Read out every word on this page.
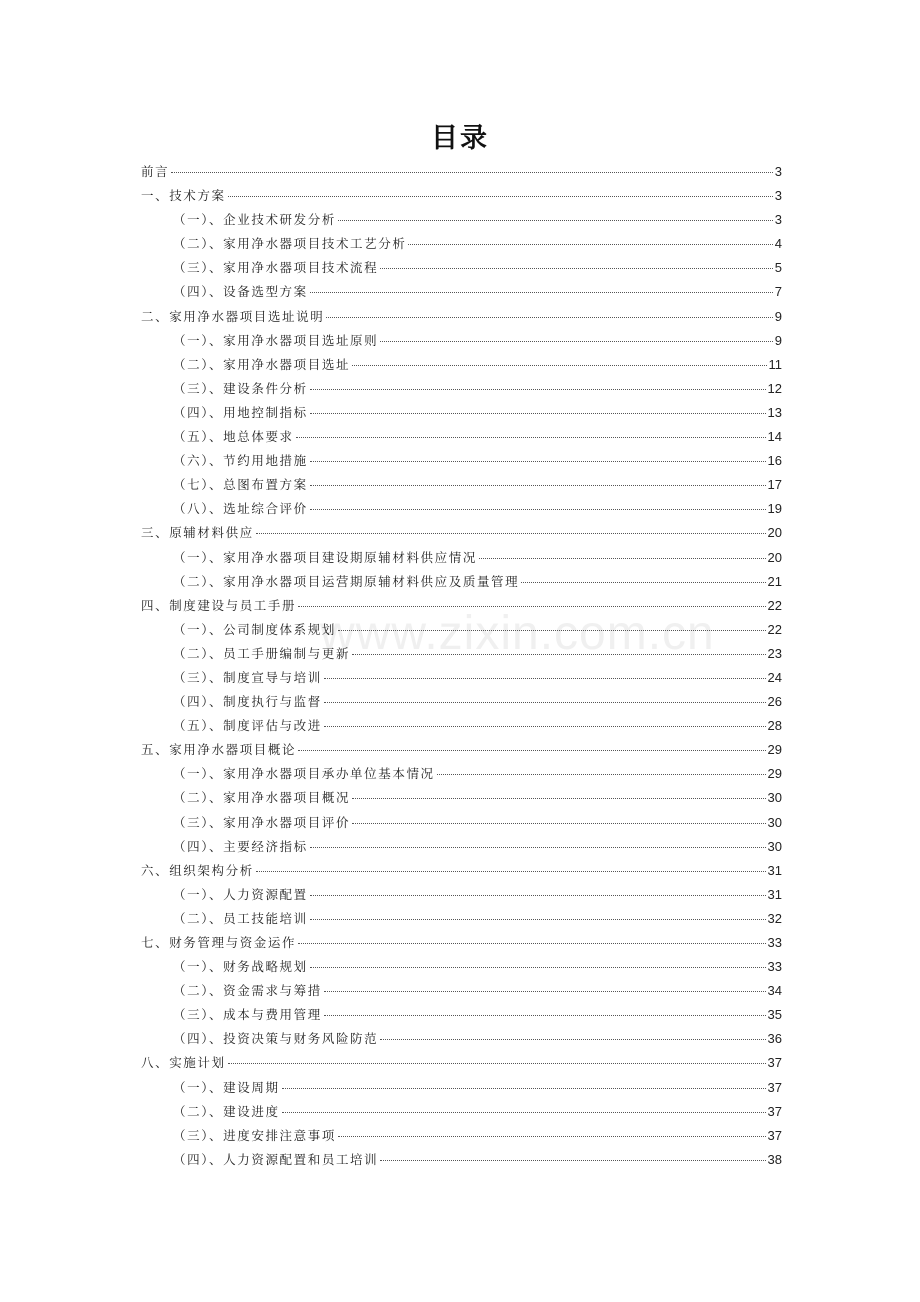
目录
www.zixin.com.cn
前言	3
一、技术方案	3
（一）、企业技术研发分析	3
（二）、家用净水器项目技术工艺分析	4
（三）、家用净水器项目技术流程	5
（四）、设备选型方案	7
二、家用净水器项目选址说明	9
（一）、家用净水器项目选址原则	9
（二）、家用净水器项目选址	11
（三）、建设条件分析	12
（四）、用地控制指标	13
（五）、地总体要求	14
（六）、节约用地措施	16
（七）、总图布置方案	17
（八）、选址综合评价	19
三、原辅材料供应	20
（一）、家用净水器项目建设期原辅材料供应情况	20
（二）、家用净水器项目运营期原辅材料供应及质量管理	21
四、制度建设与员工手册	22
（一）、公司制度体系规划	22
（二）、员工手册编制与更新	23
（三）、制度宣导与培训	24
（四）、制度执行与监督	26
（五）、制度评估与改进	28
五、家用净水器项目概论	29
（一）、家用净水器项目承办单位基本情况	29
（二）、家用净水器项目概况	30
（三）、家用净水器项目评价	30
（四）、主要经济指标	30
六、组织架构分析	31
（一）、人力资源配置	31
（二）、员工技能培训	32
七、财务管理与资金运作	33
（一）、财务战略规划	33
（二）、资金需求与筹措	34
（三）、成本与费用管理	35
（四）、投资决策与财务风险防范	36
八、实施计划	37
（一）、建设周期	37
（二）、建设进度	37
（三）、进度安排注意事项	37
（四）、人力资源配置和员工培训	38
